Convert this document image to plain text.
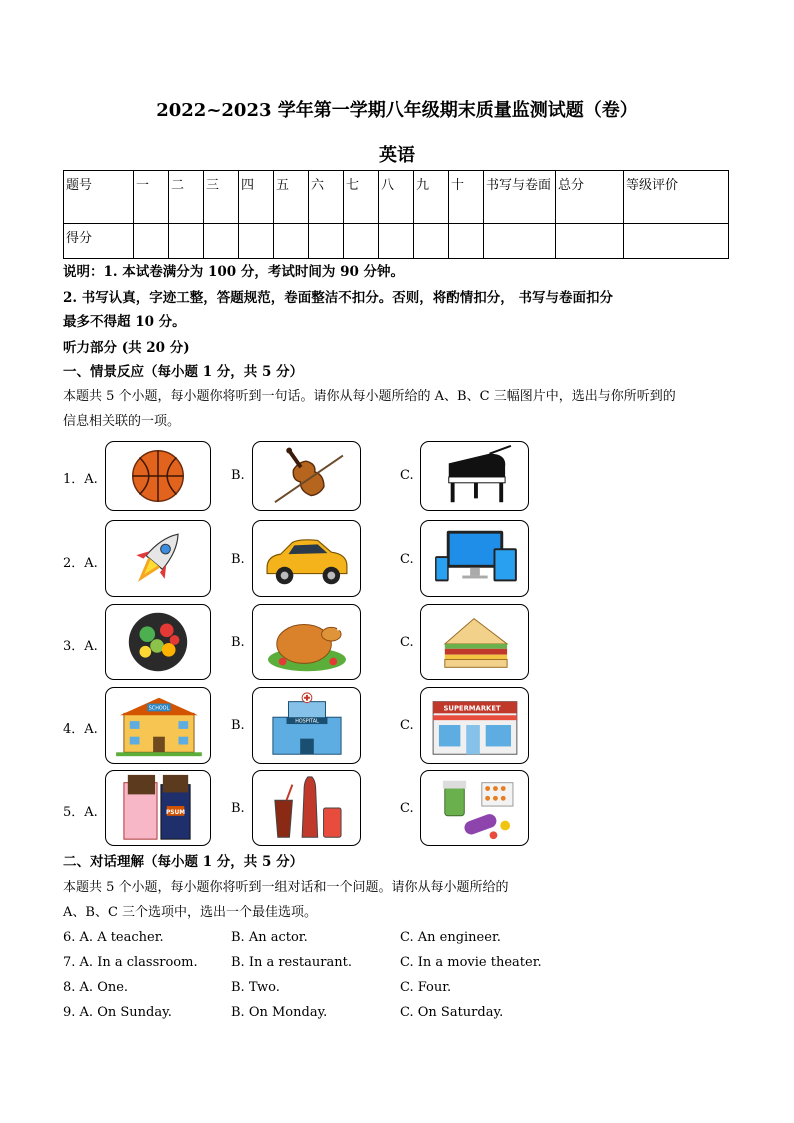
2022~2023 学年第一学期八年级期末质量监测试题（卷）
英语
题号	一	二	三	四	五	六	七	八	九	十	书写与卷面	总分	等级评价
得分													
说明：1. 本试卷满分为 100 分，考试时间为 90 分钟。
2. 书写认真，字迹工整，答题规范，卷面整洁不扣分。否则，将酌情扣分， 书写与卷面扣分
最多不得超 10 分。
听力部分 (共 20 分)
一、情景反应（每小题 1 分，共 5 分）
本题共 5 个小题，每小题你将听到一句话。请你从每小题所给的 A、B、C 三幅图片中，选出与你所听到的
信息相关联的一项。
1．A.	B.	C.
2．A.	B.	C.
3．A.	B.	C.
4．A.	B.	C.
5．A.	B.	C.
SCHOOL
HOSPITAL
SUPERMARKET
PSUM
二、对话理解（每小题 1 分，共 5 分）
本题共 5 个小题，每小题你将听到一组对话和一个问题。请你从每小题所给的
A、B、C 三个选项中，选出一个最佳选项。
6. A. A teacher.	B. An actor.	C. An engineer.
7. A. In a classroom.	B. In a restaurant.	C. In a movie theater.
8. A. One.	B. Two.	C. Four.
9. A. On Sunday.	B. On Monday.	C. On Saturday.
